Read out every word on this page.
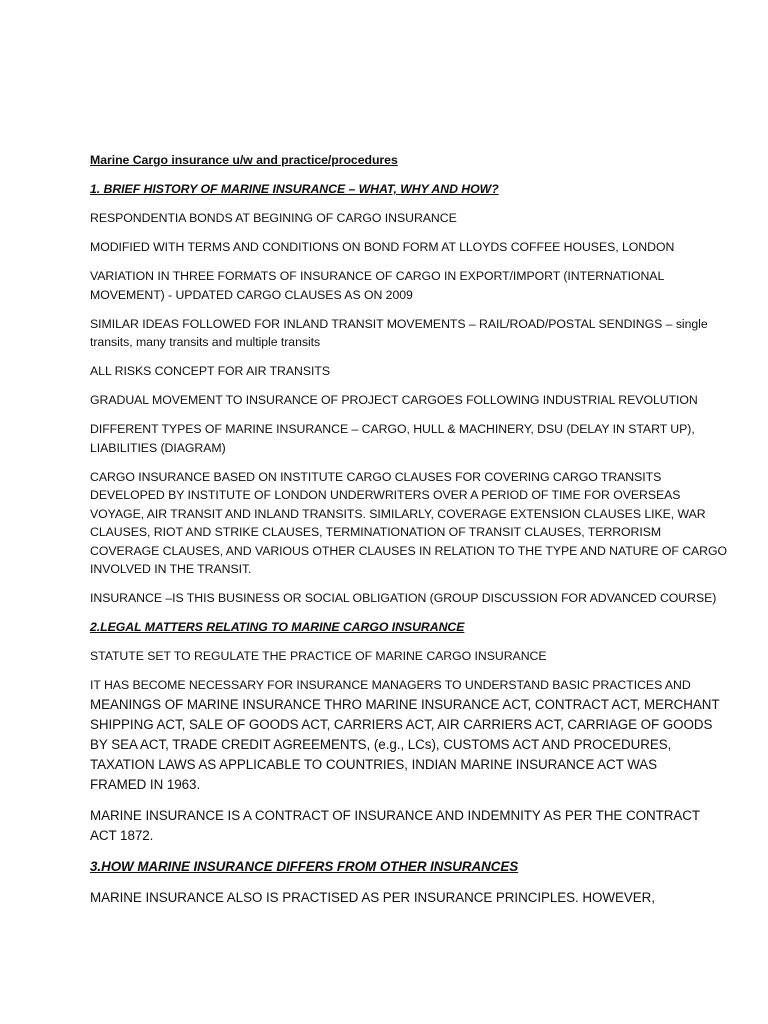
Marine Cargo insurance u/w and practice/procedures
1. BRIEF HISTORY OF MARINE INSURANCE – WHAT, WHY AND HOW?
RESPONDENTIA BONDS AT BEGINING OF CARGO INSURANCE
MODIFIED WITH TERMS AND CONDITIONS ON BOND FORM AT LLOYDS COFFEE HOUSES, LONDON
VARIATION IN THREE FORMATS OF INSURANCE OF CARGO IN EXPORT/IMPORT (INTERNATIONAL
MOVEMENT) - UPDATED CARGO CLAUSES AS ON 2009
SIMILAR IDEAS FOLLOWED FOR INLAND TRANSIT MOVEMENTS – RAIL/ROAD/POSTAL SENDINGS – single
transits, many transits and multiple transits
ALL RISKS CONCEPT FOR AIR TRANSITS
GRADUAL MOVEMENT TO INSURANCE OF PROJECT CARGOES FOLLOWING INDUSTRIAL REVOLUTION
DIFFERENT TYPES OF MARINE INSURANCE – CARGO, HULL & MACHINERY, DSU (DELAY IN START UP),
LIABILITIES (DIAGRAM)
CARGO INSURANCE BASED ON INSTITUTE CARGO CLAUSES FOR COVERING CARGO TRANSITS
DEVELOPED BY INSTITUTE OF LONDON UNDERWRITERS OVER A PERIOD OF TIME FOR OVERSEAS
VOYAGE, AIR TRANSIT AND INLAND TRANSITS. SIMILARLY, COVERAGE EXTENSION CLAUSES LIKE, WAR
CLAUSES, RIOT AND STRIKE CLAUSES, TERMINATIONATION OF TRANSIT CLAUSES, TERRORISM
COVERAGE CLAUSES, AND VARIOUS OTHER CLAUSES IN RELATION TO THE TYPE AND NATURE OF CARGO
INVOLVED IN THE TRANSIT.
INSURANCE –IS THIS BUSINESS OR SOCIAL OBLIGATION (GROUP DISCUSSION FOR ADVANCED COURSE)
2.LEGAL MATTERS RELATING TO MARINE CARGO INSURANCE
STATUTE SET TO REGULATE THE PRACTICE OF MARINE CARGO INSURANCE
IT HAS BECOME NECESSARY FOR INSURANCE MANAGERS TO UNDERSTAND BASIC PRACTICES AND
MEANINGS OF MARINE INSURANCE THRO MARINE INSURANCE ACT, CONTRACT ACT, MERCHANT
SHIPPING ACT, SALE OF GOODS ACT, CARRIERS ACT, AIR CARRIERS ACT, CARRIAGE OF GOODS
BY SEA ACT, TRADE CREDIT AGREEMENTS, (e.g., LCs), CUSTOMS ACT AND PROCEDURES,
TAXATION LAWS AS APPLICABLE TO COUNTRIES, INDIAN MARINE INSURANCE ACT WAS
FRAMED IN 1963.
MARINE INSURANCE IS A CONTRACT OF INSURANCE AND INDEMNITY AS PER THE CONTRACT
ACT 1872.
3.HOW MARINE INSURANCE DIFFERS FROM OTHER INSURANCES
MARINE INSURANCE ALSO IS PRACTISED AS PER INSURANCE PRINCIPLES. HOWEVER,
